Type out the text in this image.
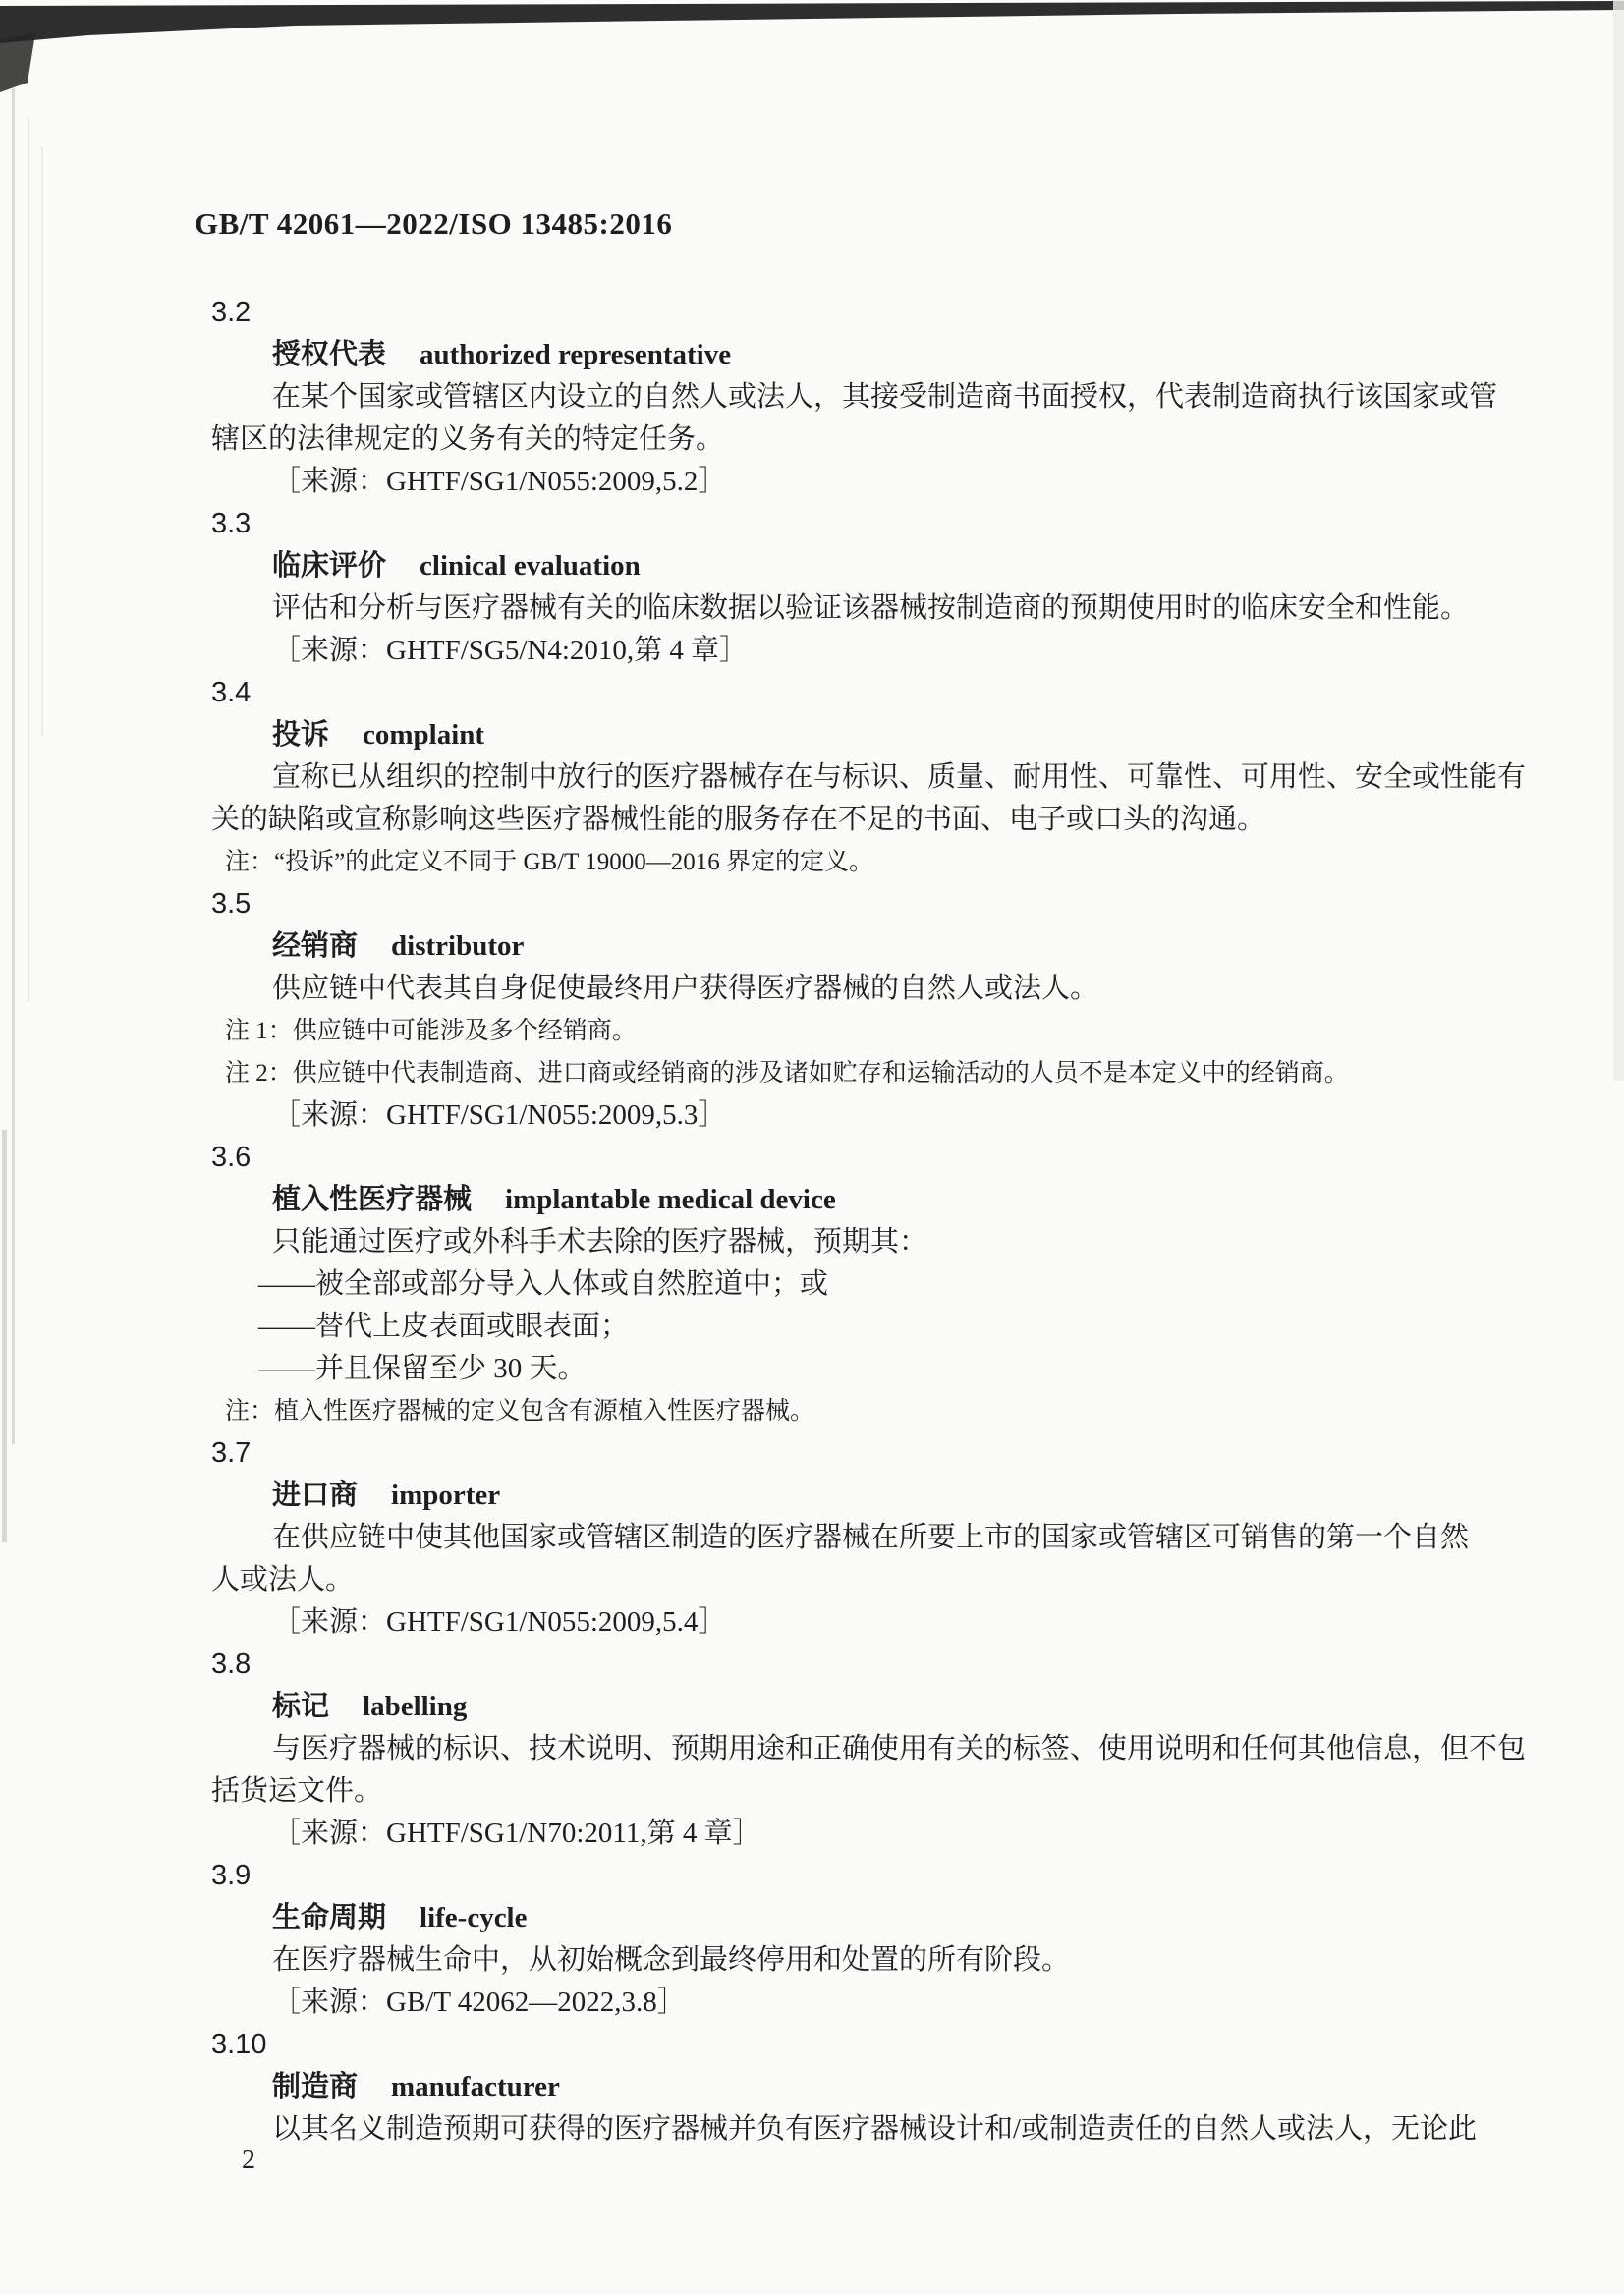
GB/T 42061—2022/ISO 13485:2016
3.2
授权代表 authorized representative
在某个国家或管辖区内设立的自然人或法人，其接受制造商书面授权，代表制造商执行该国家或管
辖区的法律规定的义务有关的特定任务。
［来源：GHTF/SG1/N055:2009,5.2］
3.3
临床评价 clinical evaluation
评估和分析与医疗器械有关的临床数据以验证该器械按制造商的预期使用时的临床安全和性能。
［来源：GHTF/SG5/N4:2010,第 4 章］
3.4
投诉 complaint
宣称已从组织的控制中放行的医疗器械存在与标识、质量、耐用性、可靠性、可用性、安全或性能有
关的缺陷或宣称影响这些医疗器械性能的服务存在不足的书面、电子或口头的沟通。
注：“投诉”的此定义不同于 GB/T 19000—2016 界定的定义。
3.5
经销商 distributor
供应链中代表其自身促使最终用户获得医疗器械的自然人或法人。
注 1：供应链中可能涉及多个经销商。
注 2：供应链中代表制造商、进口商或经销商的涉及诸如贮存和运输活动的人员不是本定义中的经销商。
［来源：GHTF/SG1/N055:2009,5.3］
3.6
植入性医疗器械 implantable medical device
只能通过医疗或外科手术去除的医疗器械，预期其：
——被全部或部分导入人体或自然腔道中；或
——替代上皮表面或眼表面；
——并且保留至少 30 天。
注：植入性医疗器械的定义包含有源植入性医疗器械。
3.7
进口商 importer
在供应链中使其他国家或管辖区制造的医疗器械在所要上市的国家或管辖区可销售的第一个自然
人或法人。
［来源：GHTF/SG1/N055:2009,5.4］
3.8
标记 labelling
与医疗器械的标识、技术说明、预期用途和正确使用有关的标签、使用说明和任何其他信息，但不包
括货运文件。
［来源：GHTF/SG1/N70:2011,第 4 章］
3.9
生命周期 life-cycle
在医疗器械生命中，从初始概念到最终停用和处置的所有阶段。
［来源：GB/T 42062—2022,3.8］
3.10
制造商 manufacturer
以其名义制造预期可获得的医疗器械并负有医疗器械设计和/或制造责任的自然人或法人，无论此
2
